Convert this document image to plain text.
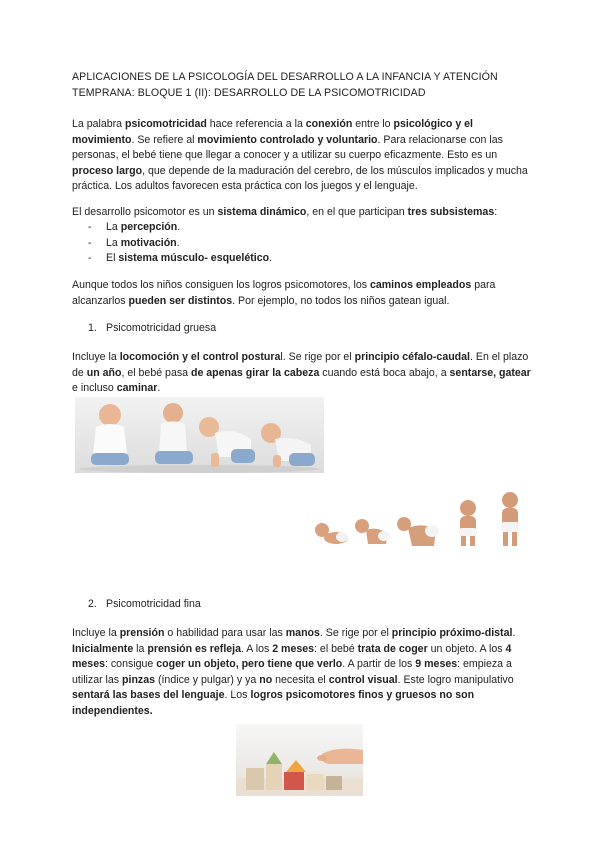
APLICACIONES DE LA PSICOLOGÍA DEL DESARROLLO A LA INFANCIA Y ATENCIÓN
TEMPRANA: BLOQUE 1 (II): DESARROLLO DE LA PSICOMOTRICIDAD

La palabra psicomotricidad hace referencia a la conexión entre lo psicológico y el movimiento. Se refiere al movimiento controlado y voluntario. Para relacionarse con las personas, el bebé tiene que llegar a conocer y a utilizar su cuerpo eficazmente. Esto es un proceso largo, que depende de la maduración del cerebro, de los músculos implicados y mucha práctica. Los adultos favorecen esta práctica con los juegos y el lenguaje.

El desarrollo psicomotor es un sistema dinámico, en el que participan tres subsistemas:

- La percepción.
- La motivación.
- El sistema músculo- esquelético.

Aunque todos los niños consiguen los logros psicomotores, los caminos empleados para alcanzarlos pueden ser distintos. Por ejemplo, no todos los niños gatean igual.

1. Psicomotricidad gruesa

Incluye la locomoción y el control postural. Se rige por el principio céfalo-caudal. En el plazo de un año, el bebé pasa de apenas girar la cabeza cuando está boca abajo, a sentarse, gatear e incluso caminar.

2. Psicomotricidad fina

Incluye la prensión o habilidad para usar las manos. Se rige por el principio próximo-distal. Inicialmente la prensión es refleja. A los 2 meses: el bebé trata de coger un objeto. A los 4 meses: consigue coger un objeto, pero tiene que verlo. A partir de los 9 meses: empieza a utilizar las pinzas (índice y pulgar) y ya no necesita el control visual. Este logro manipulativo sentará las bases del lenguaje. Los logros psicomotores finos y gruesos no son independientes.
